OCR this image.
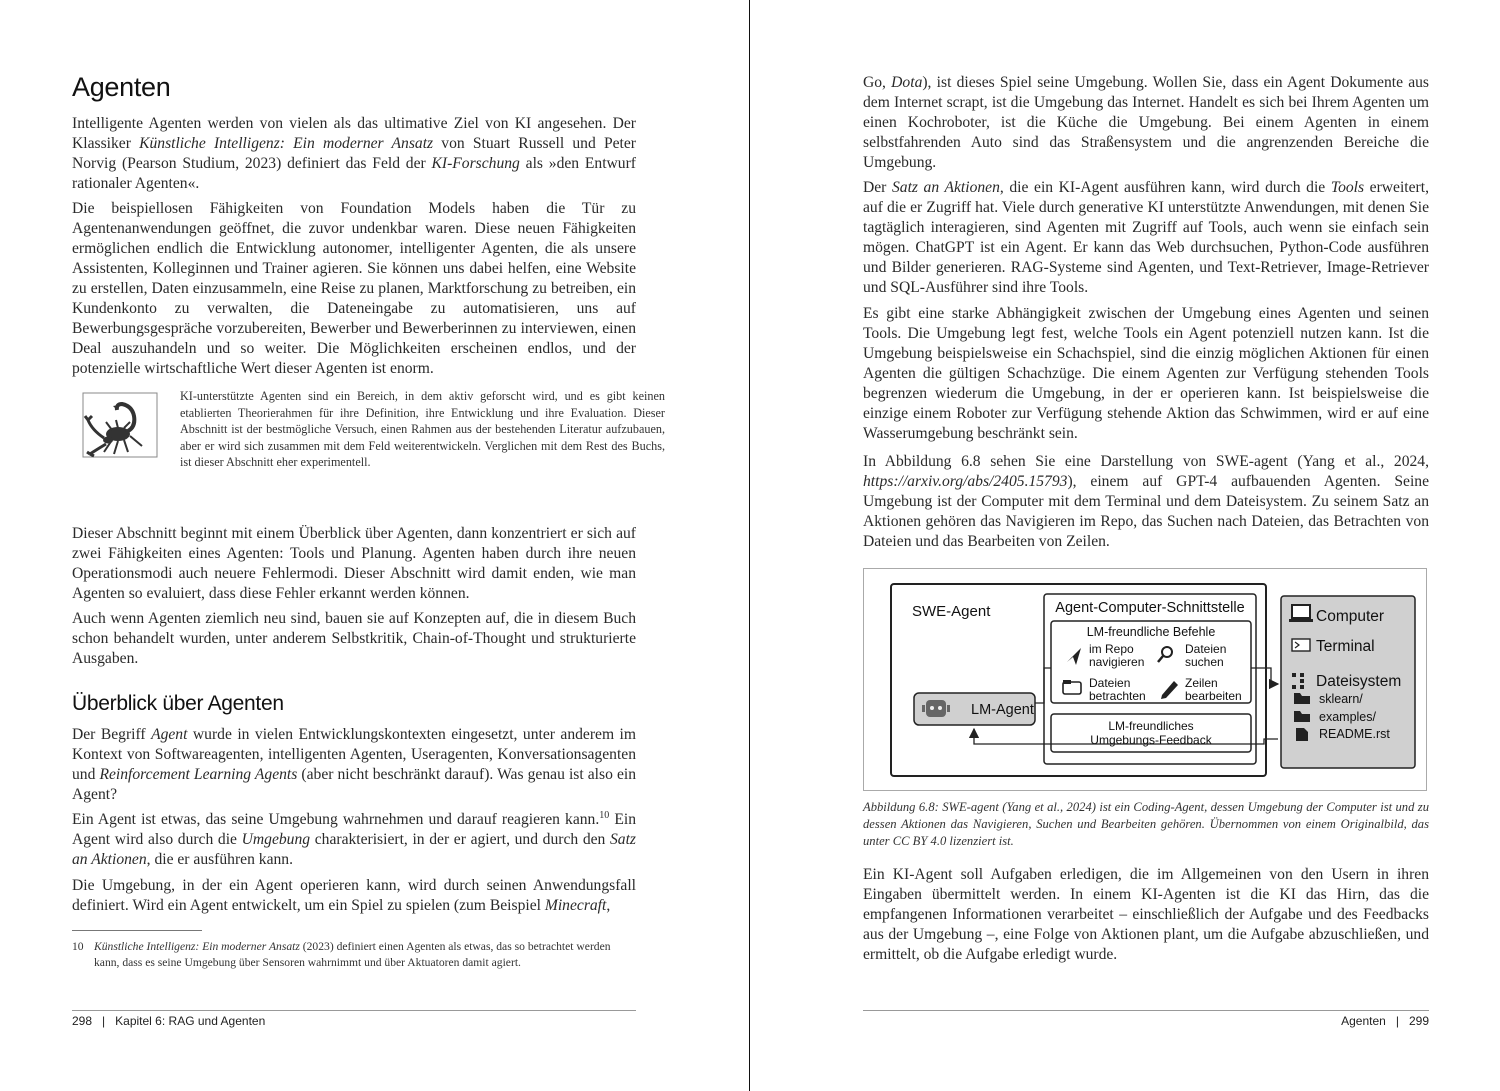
Agenten

Intelligente Agenten werden von vielen als das ultimative Ziel von KI angesehen. Der Klassiker Künstliche Intelligenz: Ein moderner Ansatz von Stuart Russell und Peter Norvig (Pearson Studium, 2023) definiert das Feld der KI-Forschung als »den Entwurf rationaler Agenten«.

Die beispiellosen Fähigkeiten von Foundation Models haben die Tür zu Agentenanwendungen geöffnet, die zuvor undenkbar waren. Diese neuen Fähigkeiten ermöglichen endlich die Entwicklung autonomer, intelligenter Agenten, die als unsere Assistenten, Kolleginnen und Trainer agieren. Sie können uns dabei helfen, eine Website zu erstellen, Daten einzusammeln, eine Reise zu planen, Marktforschung zu betreiben, ein Kundenkonto zu verwalten, die Dateneingabe zu automatisieren, uns auf Bewerbungsgespräche vorzubereiten, Bewerber und Bewerberinnen zu interviewen, einen Deal auszuhandeln und so weiter. Die Möglichkeiten erscheinen endlos, und der potenzielle wirtschaftliche Wert dieser Agenten ist enorm.

KI-unterstützte Agenten sind ein Bereich, in dem aktiv geforscht wird, und es gibt keinen etablierten Theorierahmen für ihre Definition, ihre Entwicklung und ihre Evaluation. Dieser Abschnitt ist der bestmögliche Versuch, einen Rahmen aus der bestehenden Literatur aufzubauen, aber er wird sich zusammen mit dem Feld weiterentwickeln. Verglichen mit dem Rest des Buchs, ist dieser Abschnitt eher experimentell.

Dieser Abschnitt beginnt mit einem Überblick über Agenten, dann konzentriert er sich auf zwei Fähigkeiten eines Agenten: Tools und Planung. Agenten haben durch ihre neuen Operationsmodi auch neuere Fehlermodi. Dieser Abschnitt wird damit enden, wie man Agenten so evaluiert, dass diese Fehler erkannt werden können.

Auch wenn Agenten ziemlich neu sind, bauen sie auf Konzepten auf, die in diesem Buch schon behandelt wurden, unter anderem Selbstkritik, Chain-of-Thought und strukturierte Ausgaben.

Überblick über Agenten

Der Begriff Agent wurde in vielen Entwicklungskontexten eingesetzt, unter anderem im Kontext von Softwareagenten, intelligenten Agenten, Useragenten, Konversationsagenten und Reinforcement Learning Agents (aber nicht beschränkt darauf). Was genau ist also ein Agent?

Ein Agent ist etwas, das seine Umgebung wahrnehmen und darauf reagieren kann.$^{10}$ Ein Agent wird also durch die Umgebung charakterisiert, in der er agiert, und durch den Satz an Aktionen, die er ausführen kann.

Die Umgebung, in der ein Agent operieren kann, wird durch seinen Anwendungsfall definiert. Wird ein Agent entwickelt, um ein Spiel zu spielen (zum Beispiel Minecraft,

10 Künstliche Intelligenz: Ein moderner Ansatz (2023) definiert einen Agenten als etwas, das so betrachtet werden kann, dass es seine Umgebung über Sensoren wahrnimmt und über Aktuatoren damit agiert.

298 | Kapitel 6: RAG und Agenten

Go, Dota), ist dieses Spiel seine Umgebung. Wollen Sie, dass ein Agent Dokumente aus dem Internet scrapt, ist die Umgebung das Internet. Handelt es sich bei Ihrem Agenten um einen Kochroboter, ist die Küche die Umgebung. Bei einem Agenten in einem selbstfahrenden Auto sind das Straßensystem und die angrenzenden Bereiche die Umgebung.

Der Satz an Aktionen, die ein KI-Agent ausführen kann, wird durch die Tools erweitert, auf die er Zugriff hat. Viele durch generative KI unterstützte Anwendungen, mit denen Sie tagtäglich interagieren, sind Agenten mit Zugriff auf Tools, auch wenn sie einfach sein mögen. ChatGPT ist ein Agent. Er kann das Web durchsuchen, Python-Code ausführen und Bilder generieren. RAG-Systeme sind Agenten, und Text-Retriever, Image-Retriever und SQL-Ausführer sind ihre Tools.

Es gibt eine starke Abhängigkeit zwischen der Umgebung eines Agenten und seinen Tools. Die Umgebung legt fest, welche Tools ein Agent potenziell nutzen kann. Ist die Umgebung beispielsweise ein Schachspiel, sind die einzig möglichen Aktionen für einen Agenten die gültigen Schachzüge. Die einem Agenten zur Verfügung stehenden Tools begrenzen wiederum die Umgebung, in der er operieren kann. Ist beispielsweise die einzige einem Roboter zur Verfügung stehende Aktion das Schwimmen, wird er auf eine Wasserumgebung beschränkt sein.

In Abbildung 6.8 sehen Sie eine Darstellung von SWE-agent (Yang et al., 2024, https://arxiv.org/abs/2405.15793), einem auf GPT-4 aufbauenden Agenten. Seine Umgebung ist der Computer mit dem Terminal und dem Dateisystem. Zu seinem Satz an Aktionen gehören das Navigieren im Repo, das Suchen nach Dateien, das Betrachten von Dateien und das Bearbeiten von Zeilen.

SWE-Agent	Agent-Computer-Schnittstelle
LM-freundliche Befehle
im Repo
navigieren
Dateien
suchen
Dateien
betrachten
Zeilen
bearbeiten
LM-freundliches
Umgebungs-Feedback
LM-Agent
Computer
Terminal
Dateisystem
sklearn/
examples/
README.rst

Abbildung 6.8: SWE-agent (Yang et al., 2024) ist ein Coding-Agent, dessen Umgebung der Computer ist und zu dessen Aktionen das Navigieren, Suchen und Bearbeiten gehören. Übernommen von einem Originalbild, das unter CC BY 4.0 lizenziert ist.

Ein KI-Agent soll Aufgaben erledigen, die im Allgemeinen von den Usern in ihren Eingaben übermittelt werden. In einem KI-Agenten ist die KI das Hirn, das die empfangenen Informationen verarbeitet – einschließlich der Aufgabe und des Feedbacks aus der Umgebung –, eine Folge von Aktionen plant, um die Aufgabe abzuschließen, und ermittelt, ob die Aufgabe erledigt wurde.

Agenten | 299
